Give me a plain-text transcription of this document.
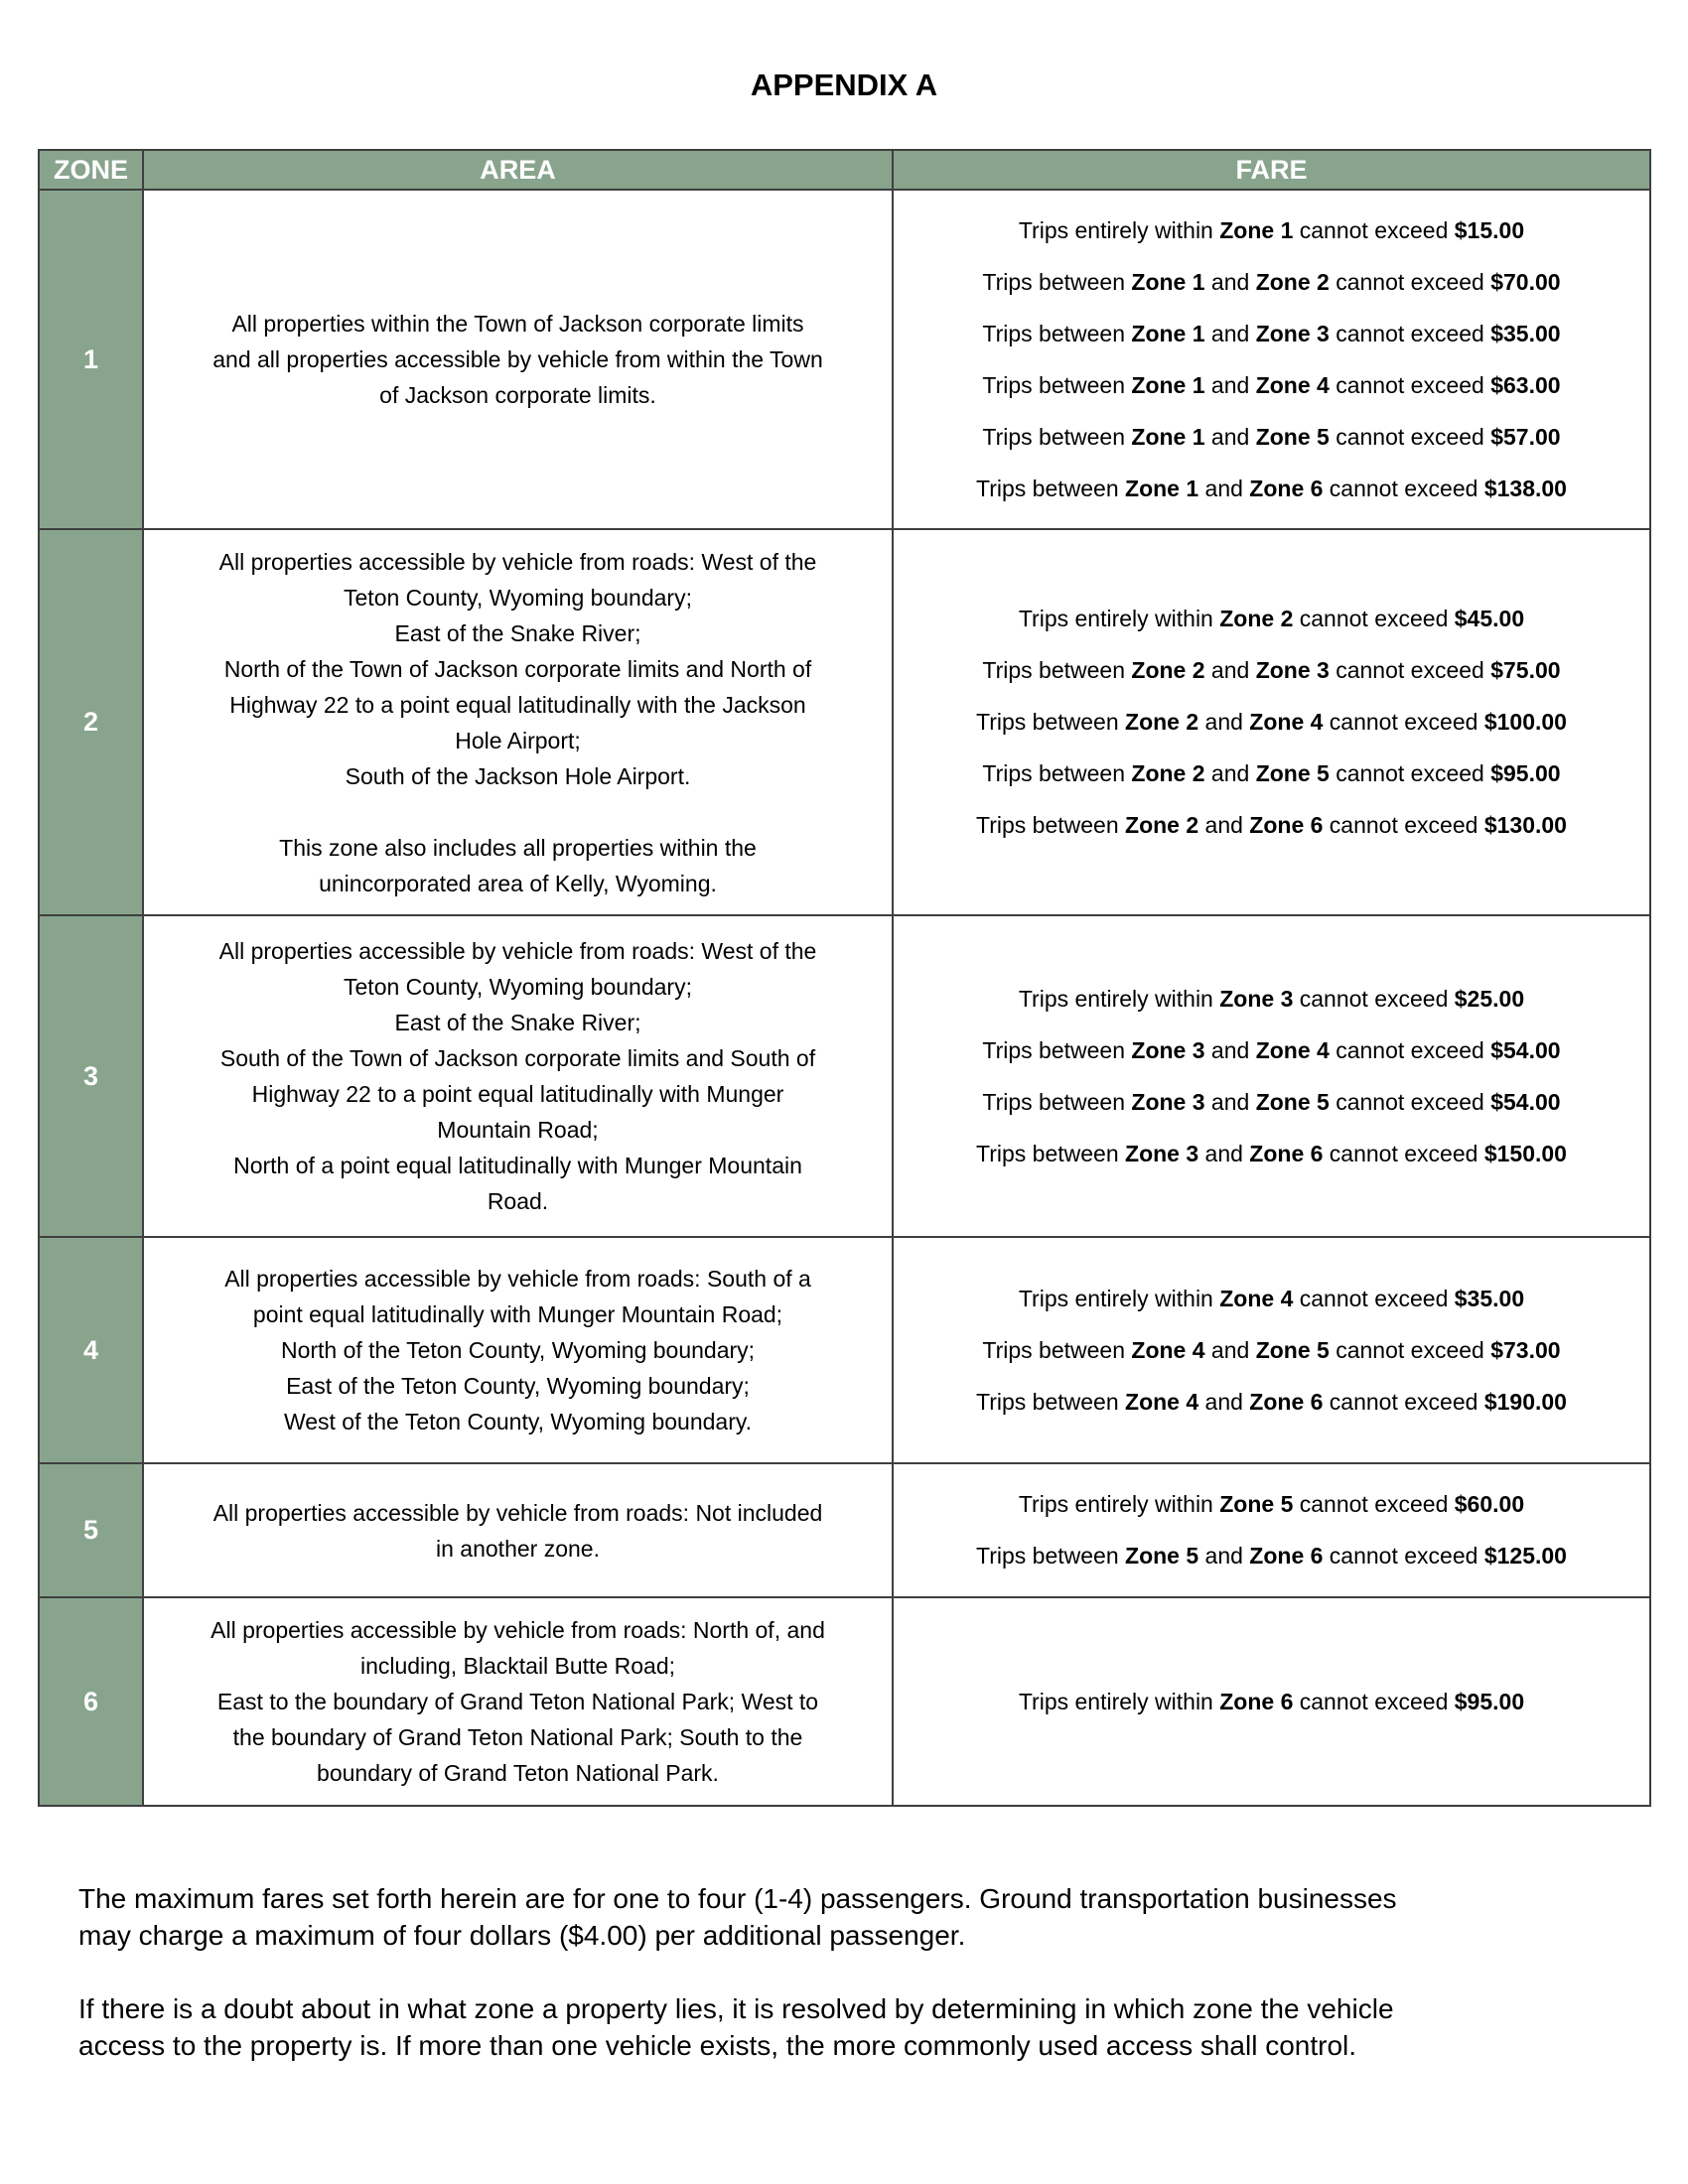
APPENDIX A
ZONE	AREA	FARE
1
All properties within the Town of Jackson corporate limits
and all properties accessible by vehicle from within the Town
of Jackson corporate limits.
Trips entirely within Zone 1 cannot exceed $15.00
Trips between Zone 1 and Zone 2 cannot exceed $70.00
Trips between Zone 1 and Zone 3 cannot exceed $35.00
Trips between Zone 1 and Zone 4 cannot exceed $63.00
Trips between Zone 1 and Zone 5 cannot exceed $57.00
Trips between Zone 1 and Zone 6 cannot exceed $138.00
2
All properties accessible by vehicle from roads: West of the
Teton County, Wyoming boundary;
East of the Snake River;
North of the Town of Jackson corporate limits and North of
Highway 22 to a point equal latitudinally with the Jackson
Hole Airport;
South of the Jackson Hole Airport.

This zone also includes all properties within the
unincorporated area of Kelly, Wyoming.
Trips entirely within Zone 2 cannot exceed $45.00
Trips between Zone 2 and Zone 3 cannot exceed $75.00
Trips between Zone 2 and Zone 4 cannot exceed $100.00
Trips between Zone 2 and Zone 5 cannot exceed $95.00
Trips between Zone 2 and Zone 6 cannot exceed $130.00
3
All properties accessible by vehicle from roads: West of the
Teton County, Wyoming boundary;
East of the Snake River;
South of the Town of Jackson corporate limits and South of
Highway 22 to a point equal latitudinally with Munger
Mountain Road;
North of a point equal latitudinally with Munger Mountain
Road.
Trips entirely within Zone 3 cannot exceed $25.00
Trips between Zone 3 and Zone 4 cannot exceed $54.00
Trips between Zone 3 and Zone 5 cannot exceed $54.00
Trips between Zone 3 and Zone 6 cannot exceed $150.00
4
All properties accessible by vehicle from roads: South of a
point equal latitudinally with Munger Mountain Road;
North of the Teton County, Wyoming boundary;
East of the Teton County, Wyoming boundary;
West of the Teton County, Wyoming boundary.
Trips entirely within Zone 4 cannot exceed $35.00
Trips between Zone 4 and Zone 5 cannot exceed $73.00
Trips between Zone 4 and Zone 6 cannot exceed $190.00
5
All properties accessible by vehicle from roads: Not included
in another zone.
Trips entirely within Zone 5 cannot exceed $60.00
Trips between Zone 5 and Zone 6 cannot exceed $125.00
6
All properties accessible by vehicle from roads: North of, and
including, Blacktail Butte Road;
East to the boundary of Grand Teton National Park; West to
the boundary of Grand Teton National Park; South to the
boundary of Grand Teton National Park.
Trips entirely within Zone 6 cannot exceed $95.00

The maximum fares set forth herein are for one to four (1-4) passengers. Ground transportation businesses
may charge a maximum of four dollars ($4.00) per additional passenger.

If there is a doubt about in what zone a property lies, it is resolved by determining in which zone the vehicle
access to the property is. If more than one vehicle exists, the more commonly used access shall control.
